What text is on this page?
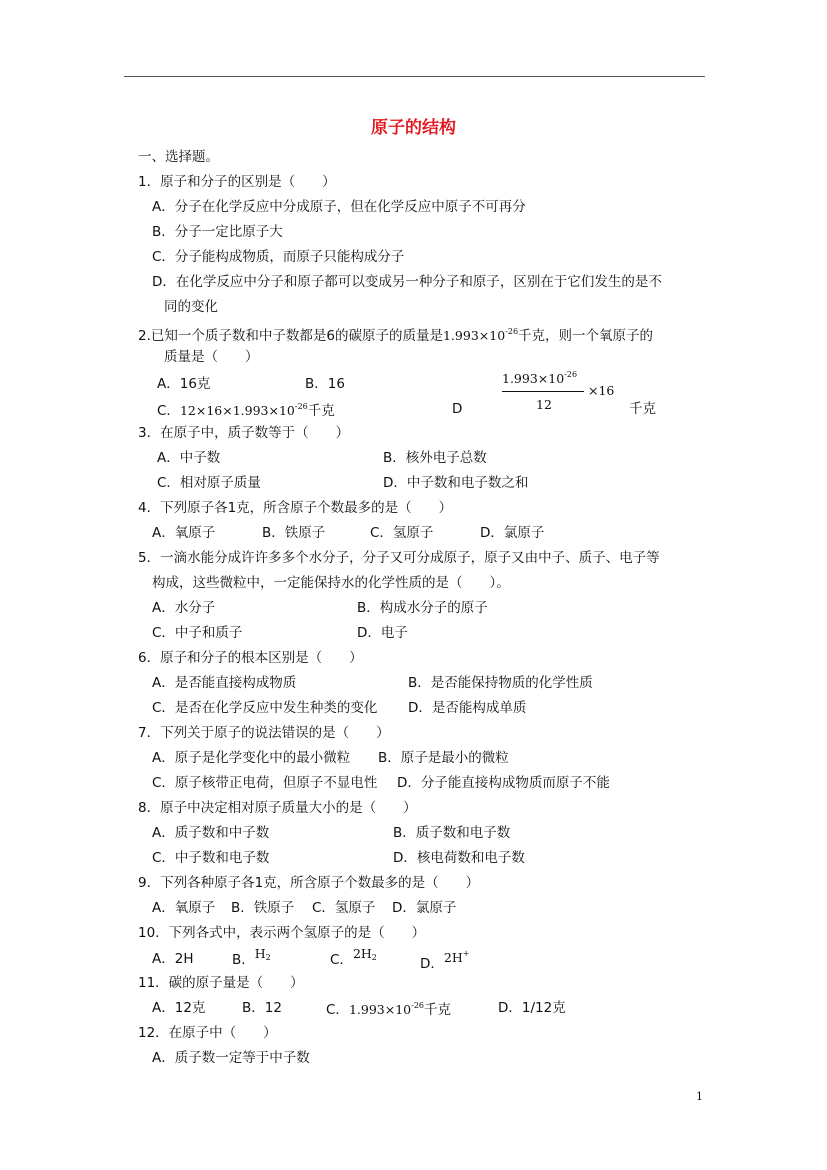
原子的结构
一、选择题。
1．原子和分子的区别是（　　）
A．分子在化学反应中分成原子，但在化学反应中原子不可再分
B．分子一定比原子大
C．分子能构成物质，而原子只能构成分子
D．在化学反应中分子和原子都可以变成另一种分子和原子，区别在于它们发生的是不
同的变化
2.已知一个质子数和中子数都是6的碳原子的质量是$1.993\times 10^{-26}$千克，则一个氧原子的
质量是（　　）
A．16克	B．16
C．$12\times 16\times 1.993\times 10^{-26}$千克	D
$1.993\times 10^{-26}$
12
×16
千克
3．在原子中，质子数等于（　　）
A．中子数	B．核外电子总数
C．相对原子质量	D．中子数和电子数之和
4．下列原子各1克，所含原子个数最多的是（　　）
A．氧原子	B．铁原子	C．氢原子	D．氯原子
5．一滴水能分成许许多多个水分子，分子又可分成原子，原子又由中子、质子、电子等
构成，这些微粒中，一定能保持水的化学性质的是（　　）。
A．水分子	B．构成水分子的原子
C．中子和质子	D．电子
6．原子和分子的根本区别是（　　）
A．是否能直接构成物质	B．是否能保持物质的化学性质
C．是否在化学反应中发生种类的变化 D．是否能构成单质
7．下列关于原子的说法错误的是（　　）
A．原子是化学变化中的最小微粒 B．原子是最小的微粒
C．原子核带正电荷，但原子不显电性 D．分子能直接构成物质而原子不能
8．原子中决定相对原子质量大小的是（　　）
A．质子数和中子数	B．质子数和电子数
C．中子数和电子数	D．核电荷数和电子数
9．下列各种原子各1克，所含原子个数最多的是（　　）
A．氧原子 B．铁原子 C．氢原子 D．氯原子
10．下列各式中，表示两个氢原子的是（　　）
A．2H	B．$H_2$	C．$2H_2$	D．2H+
11．碳的原子量是（　　）
A．12克	B．12	C．$1.993\times 10^{-26}$千克	D．1/12克
12．在原子中（　　）
A．质子数一定等于中子数
1
